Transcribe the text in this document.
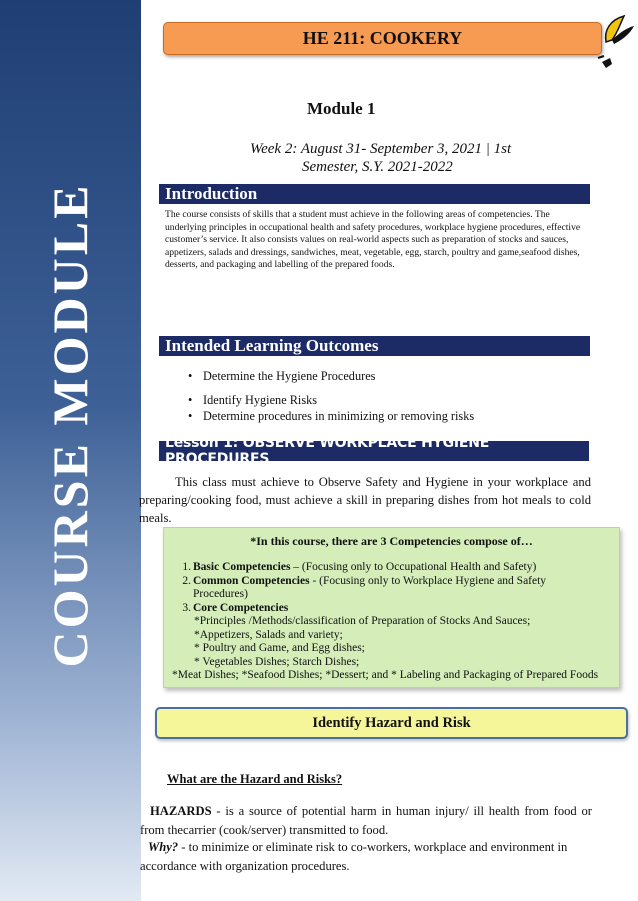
COURSE MODULE
HE 211: COOKERY
Module 1
Week 2: August 31- September 3, 2021 | 1st
Semester, S.Y. 2021-2022
Introduction
The course consists of skills that a student must achieve in the following areas of competencies. The underlying principles in occupational health and safety procedures, workplace hygiene procedures, effective customer’s service. It also consists values on real-world aspects such as preparation of stocks and sauces, appetizers, salads and dressings, sandwiches, meat, vegetable, egg, starch, poultry and game,seafood dishes, desserts, and packaging and labelling of the prepared foods.
Intended Learning Outcomes
• Determine the Hygiene Procedures
• Identify Hygiene Risks
• Determine procedures in minimizing or removing risks
Lesson 1: OBSERVE WORKPLACE HYGIENE PROCEDURES
This class must achieve to Observe Safety and Hygiene in your workplace and preparing/cooking food, must achieve a skill in preparing dishes from hot meals to cold meals.
*In this course, there are 3 Competencies compose of…
1. Basic Competencies – (Focusing only to Occupational Health and Safety)
2. Common Competencies - (Focusing only to Workplace Hygiene and Safety
Procedures)
3. Core Competencies
*Principles /Methods/classification of Preparation of Stocks And Sauces;
*Appetizers, Salads and variety;
* Poultry and Game, and Egg dishes;
* Vegetables Dishes; Starch Dishes;
*Meat Dishes; *Seafood Dishes; *Dessert; and * Labeling and Packaging of Prepared Foods
Identify Hazard and Risk
What are the Hazard and Risks?
HAZARDS - is a source of potential harm in human injury/ ill health from food or from thecarrier (cook/server) transmitted to food.
Why? - to minimize or eliminate risk to co-workers, workplace and environment in accordance with organization procedures.
